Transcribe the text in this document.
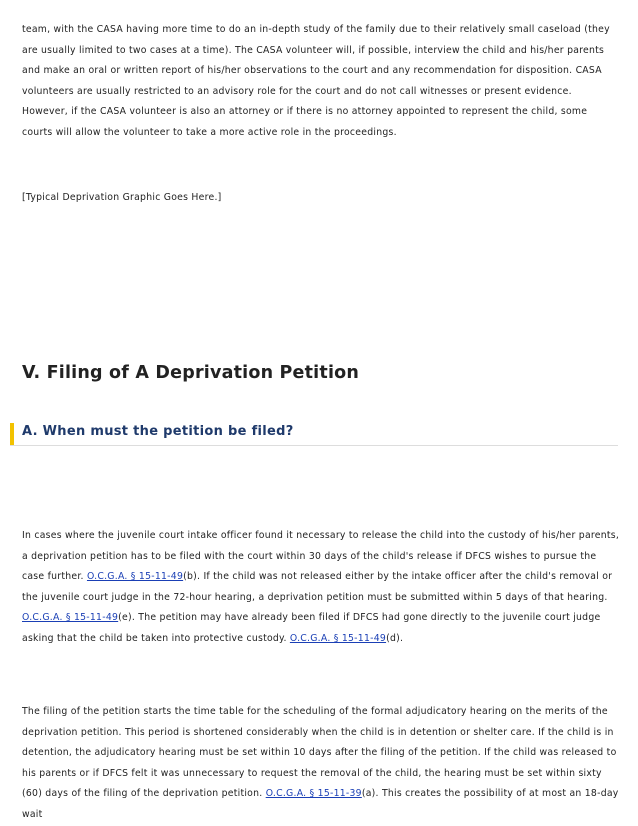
team, with the CASA having more time to do an in-depth study of the family due to their relatively small caseload (they are usually limited to two cases at a time). The CASA volunteer will, if possible, interview the child and his/her parents and make an oral or written report of his/her observations to the court and any recommendation for disposition. CASA volunteers are usually restricted to an advisory role for the court and do not call witnesses or present evidence. However, if the CASA volunteer is also an attorney or if there is no attorney appointed to represent the child, some courts will allow the volunteer to take a more active role in the proceedings.

[Typical Deprivation Graphic Goes Here.]

V. Filing of A Deprivation Petition
A. When must the petition be filed?

In cases where the juvenile court intake officer found it necessary to release the child into the custody of his/her parents, a deprivation petition has to be filed with the court within 30 days of the child's release if DFCS wishes to pursue the case further. O.C.G.A. § 15-11-49(b). If the child was not released either by the intake officer after the child's removal or the juvenile court judge in the 72-hour hearing, a deprivation petition must be submitted within 5 days of that hearing. O.C.G.A. § 15-11-49(e). The petition may have already been filed if DFCS had gone directly to the juvenile court judge asking that the child be taken into protective custody. O.C.G.A. § 15-11-49(d).

The filing of the petition starts the time table for the scheduling of the formal adjudicatory hearing on the merits of the deprivation petition. This period is shortened considerably when the child is in detention or shelter care. If the child is in detention, the adjudicatory hearing must be set within 10 days after the filing of the petition. If the child was released to his parents or if DFCS felt it was unnecessary to request the removal of the child, the hearing must be set within sixty (60) days of the filing of the deprivation petition. O.C.G.A. § 15-11-39(a). This creates the possibility of at most an 18-day wait
